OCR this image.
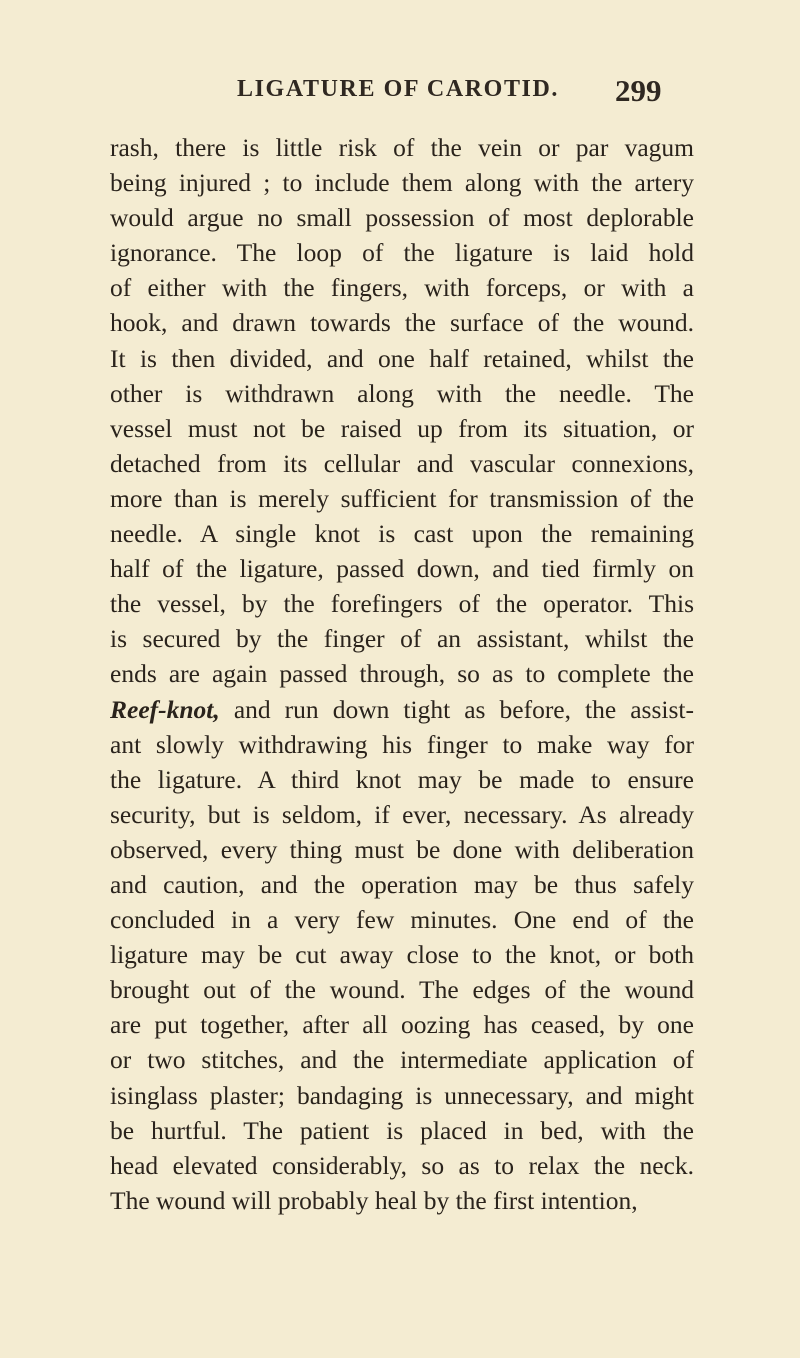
LIGATURE OF CAROTID. 299
rash, there is little risk of the vein or par vagum
being injured ; to include them along with the artery
would argue no small possession of most deplorable
ignorance. The loop of the ligature is laid hold
of either with the fingers, with forceps, or with a
hook, and drawn towards the surface of the wound.
It is then divided, and one half retained, whilst the
other is withdrawn along with the needle. The
vessel must not be raised up from its situation, or
detached from its cellular and vascular connexions,
more than is merely sufficient for transmission of the
needle. A single knot is cast upon the remaining
half of the ligature, passed down, and tied firmly on
the vessel, by the forefingers of the operator. This
is secured by the finger of an assistant, whilst the
ends are again passed through, so as to complete the
Reef-knot, and run down tight as before, the assist-
ant slowly withdrawing his finger to make way for
the ligature. A third knot may be made to ensure
security, but is seldom, if ever, necessary. As already
observed, every thing must be done with deliberation
and caution, and the operation may be thus safely
concluded in a very few minutes. One end of the
ligature may be cut away close to the knot, or both
brought out of the wound. The edges of the wound
are put together, after all oozing has ceased, by one
or two stitches, and the intermediate application of
isinglass plaster; bandaging is unnecessary, and might
be hurtful. The patient is placed in bed, with the
head elevated considerably, so as to relax the neck.
The wound will probably heal by the first intention,
